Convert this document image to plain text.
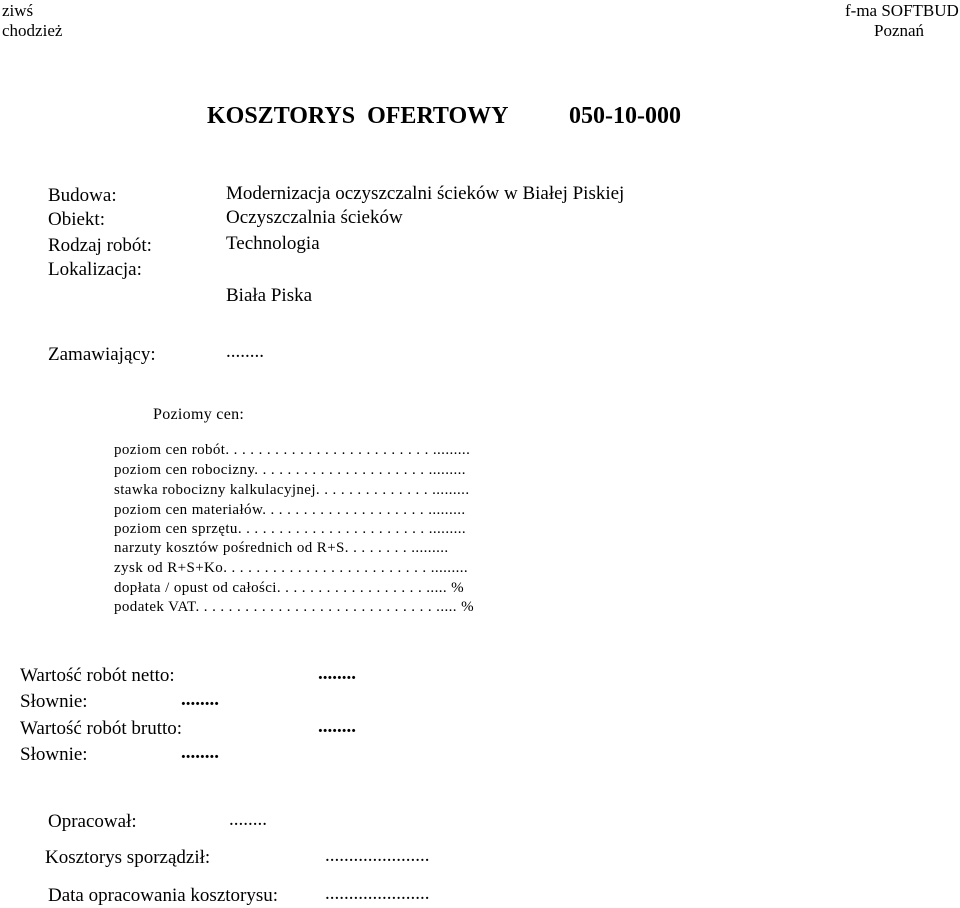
ziwś
chodzież
f-ma SOFTBUD
Poznań
KOSZTORYS  OFERTOWY	050-10-000
Budowa:	Modernizacja oczyszczalni ścieków w Białej Piskiej
Obiekt:	Oczyszczalnia ścieków
Rodzaj robót:	Technologia
Lokalizacja:
Biała Piska
Zamawiający:	........
Poziomy cen:
poziom cen robót. . . . . . . . . . . . . . . . . . . . . . . . . .........
poziom cen robocizny. . . . . . . . . . . . . . . . . . . . . .........
stawka robocizny kalkulacyjnej. . . . . . . . . . . . . . .........
poziom cen materiałów. . . . . . . . . . . . . . . . . . . . .........
poziom cen sprzętu. . . . . . . . . . . . . . . . . . . . . . . .........
narzuty kosztów pośrednich od R+S. . . . . . . . .........
zysk od R+S+Ko. . . . . . . . . . . . . . . . . . . . . . . . . .........
dopłata / opust od całości. . . . . . . . . . . . . . . . . . ..... %
podatek VAT. . . . . . . . . . . . . . . . . . . . . . . . . . . . . ..... %
Wartość robót netto:	........
Słownie:	........
Wartość robót brutto:	........
Słownie:	........
Opracował:	........
Kosztorys sporządził:	......................
Data opracowania kosztorysu: ......................
